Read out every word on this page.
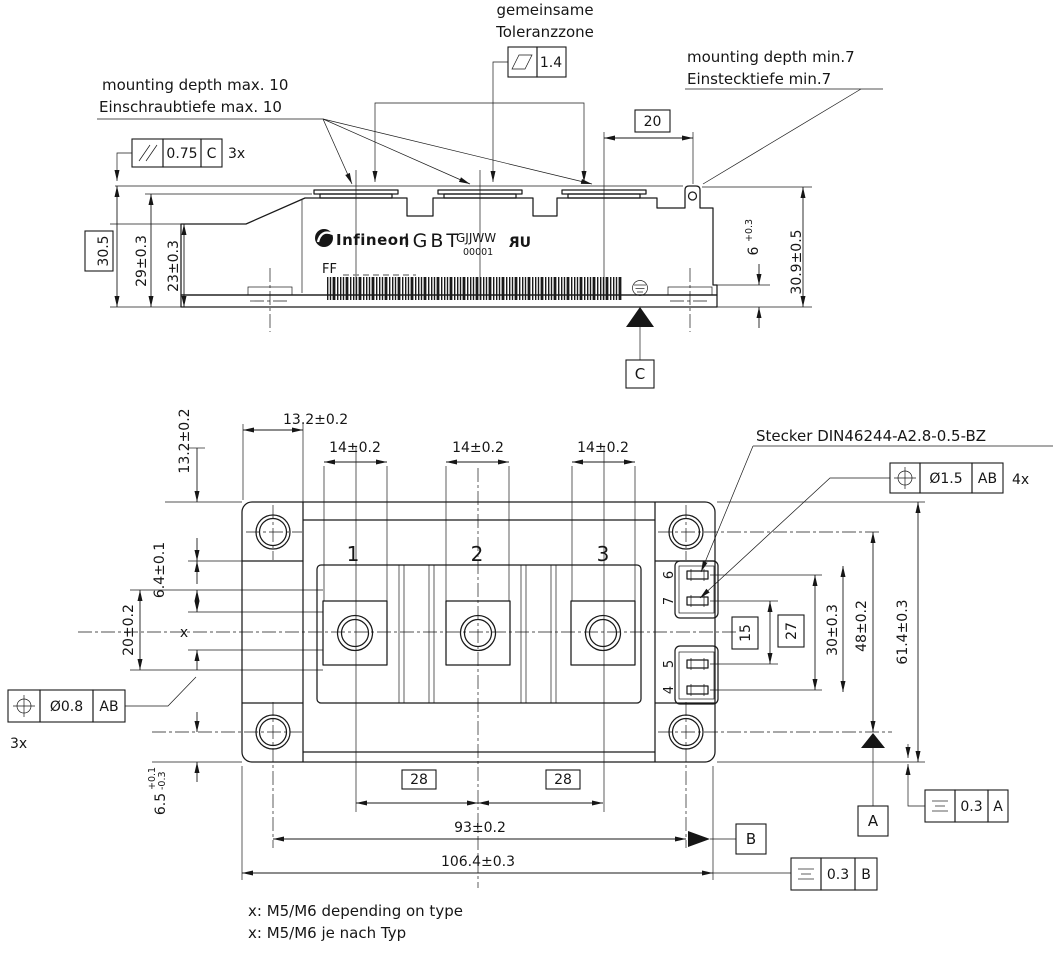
Infineon
IGBT
GJJWW
00001
UR
FF
gemeinsame
Toleranzzone
1.4
mounting depth max. 10
Einschraubtiefe max. 10
mounting depth min.7
Einstecktiefe min.7
0.75 C 3x
30.5 29±0.3 23±0.3	6
+0.3 30.9±0.5
20
C
1	2	3
6
7
5
4
13.2±0.2	13.2±0.2
14±0.2	14±0.2	14±0.2
6.4±0.1
x
20±0.2
Ø0.8 AB
3x
6.5
+0.1 -0.3
15 27 30±0.3 48±0.2 61.4±0.3
A
0.3 A
28	28
93±0.2
B
106.4±0.3
0.3 B
Stecker DIN46244-A2.8-0.5-BZ
Ø1.5 AB 4x
x: M5/M6 depending on type
x: M5/M6 je nach Typ
